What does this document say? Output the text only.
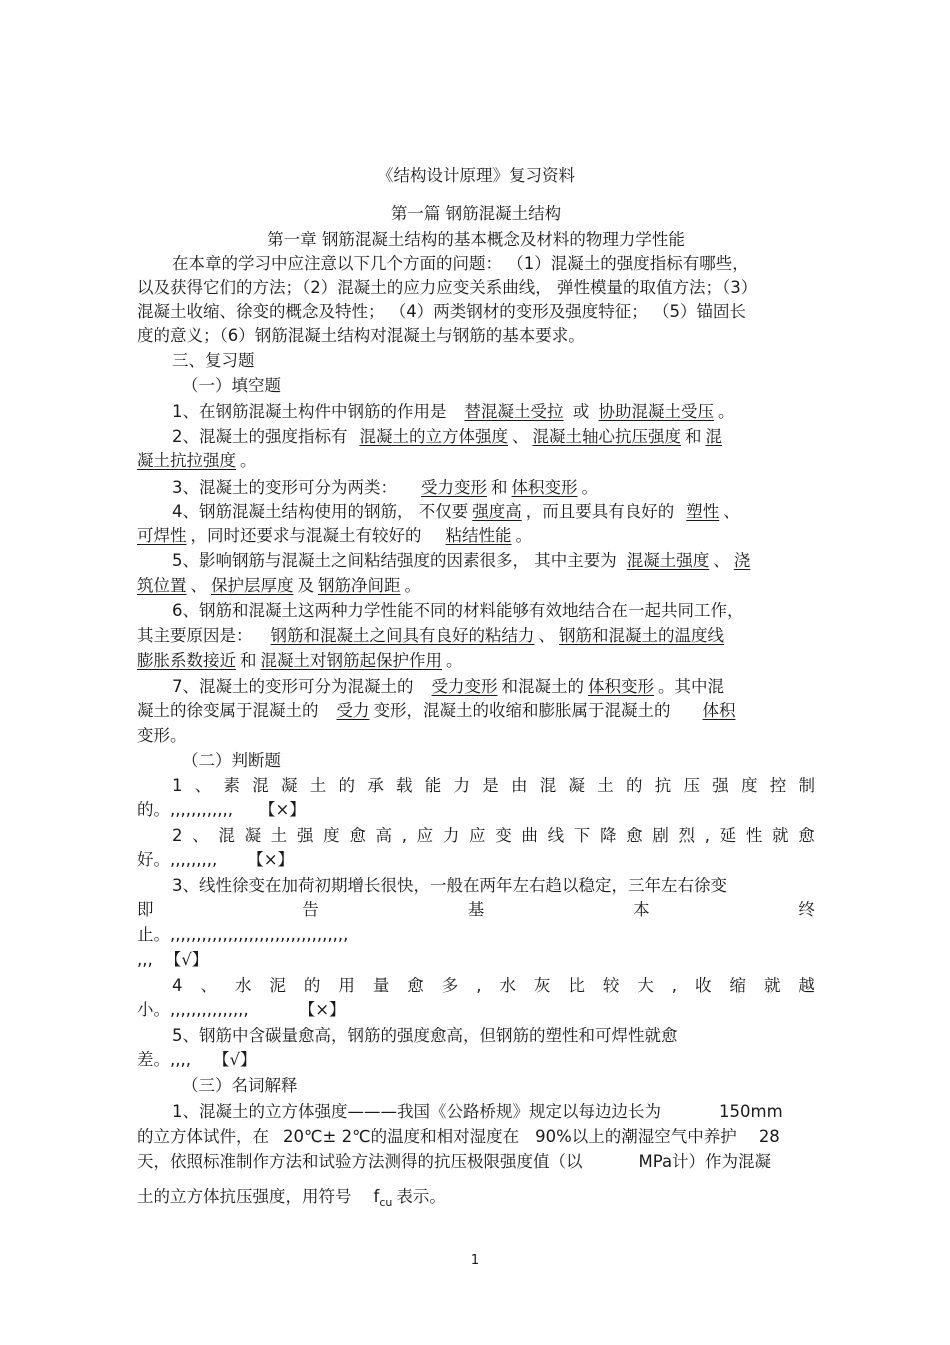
《结构设计原理》复习资料
第一篇 钢筋混凝土结构
第一章 钢筋混凝土结构的基本概念及材料的物理力学性能
在本章的学习中应注意以下几个方面的问题： （1）混凝土的强度指标有哪些，
以及获得它们的方法；（2）混凝土的应力应变关系曲线， 弹性模量的取值方法；（3）
混凝土收缩、徐变的概念及特性； （4）两类钢材的变形及强度特征； （5）锚固长
度的意义；（6）钢筋混凝土结构对混凝土与钢筋的基本要求。
三、复习题
（一）填空题
1、在钢筋混凝土构件中钢筋的作用是 替混凝土受拉 或 协助混凝土受压 。
2、混凝土的强度指标有 混凝土的立方体强度 、 混凝土轴心抗压强度 和 混
凝土抗拉强度 。
3、混凝土的变形可分为两类： 受力变形 和 体积变形 。
4、钢筋混凝土结构使用的钢筋， 不仅要 强度高 ，而且要具有良好的 塑性 、
可焊性 ，同时还要求与混凝土有较好的 粘结性能 。
5、影响钢筋与混凝土之间粘结强度的因素很多， 其中主要为 混凝土强度 、 浇
筑位置 、 保护层厚度 及 钢筋净间距 。
6、钢筋和混凝土这两种力学性能不同的材料能够有效地结合在一起共同工作，
其主要原因是： 钢筋和混凝土之间具有良好的粘结力 、 钢筋和混凝土的温度线
膨胀系数接近 和 混凝土对钢筋起保护作用 。
7、混凝土的变形可分为混凝土的 受力变形 和混凝土的 体积变形 。其中混
凝土的徐变属于混凝土的 受力 变形，混凝土的收缩和膨胀属于混凝土的 体积
变形。
（二）判断题
1 、 素 混 凝 土 的 承 载 能 力 是 由 混 凝 土 的 抗 压 强 度 控 制
的。,,,,,,,,,,,, 【×】
2 、 混 凝 土 强 度 愈 高 , 应 力 应 变 曲 线 下 降 愈 剧 烈 , 延 性 就 愈
好。,,,,,,,,, 【×】
3、线性徐变在加荷初期增长很快，一般在两年左右趋以稳定，三年左右徐变
即	告	基	本	终
止。,,,,,,,,,,,,,,,,,,,,,,,,,,,,,,,,,,
,,, 【√】
4 、 水 泥 的 用 量 愈 多 , 水 灰 比 较 大 , 收 缩 就 越
小。,,,,,,,,,,,,,,,	【×】
5、钢筋中含碳量愈高，钢筋的强度愈高，但钢筋的塑性和可焊性就愈
差。,,,, 【√】
（三）名词解释
1、混凝土的立方体强度———我国《公路桥规》规定以每边边长为	150mm
的立方体试件，在 20℃± 2℃的温度和相对湿度在 90%以上的潮湿空气中养护 28
天，依照标准制作方法和试验方法测得的抗压极限强度值（以	MPa计）作为混凝
土的立方体抗压强度，用符号 $f_{cu}$ 表示。
1
